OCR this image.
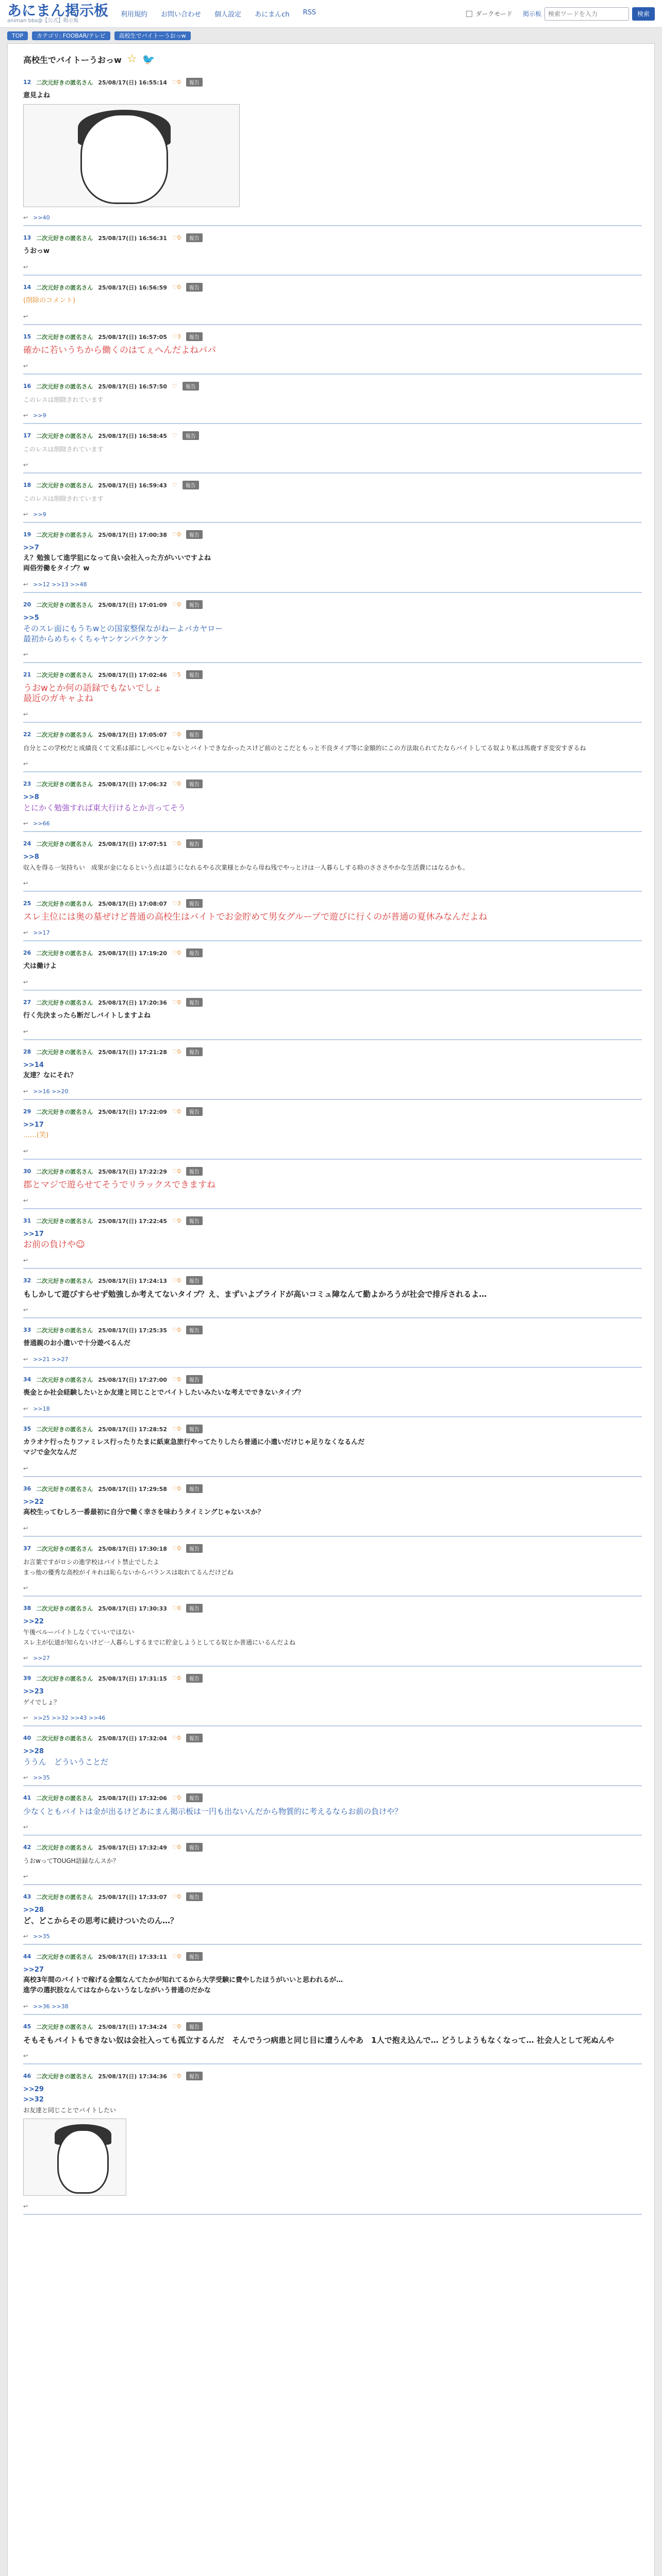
あにまん掲示板
animan bbs@【公式】掲示板
利用規約 お問い合わせ 個人設定 あにまんch RSS	ダークモード 掲示板
検索ワードを入力	検索
TOP	カテゴリ: FOOBAR/テレビ	高校生でバイトーうおっw
高校生でバイトーうおっw ☆ 🐦
12 二次元好きの匿名さん 25/08/17(日) 16:55:14 ♡0	報告
意見よね
↩ >>40
13 二次元好きの匿名さん 25/08/17(日) 16:56:31 ♡0	報告
うおっw
↩
14 二次元好きの匿名さん 25/08/17(日) 16:56:59 ♡0	報告
(削除のコメント)
↩
15 二次元好きの匿名さん 25/08/17(日) 16:57:05 ♡3	報告
確かに若いうちから働くのはてぇへんだよねパパ
↩
16 二次元好きの匿名さん 25/08/17(日) 16:57:50 ♡	報告
このレスは削除されています
↩ >>9
17 二次元好きの匿名さん 25/08/17(日) 16:58:45 ♡	報告
このレスは削除されています
↩
18 二次元好きの匿名さん 25/08/17(日) 16:59:43 ♡	報告
このレスは削除されています
↩ >>9
19 二次元好きの匿名さん 25/08/17(日) 17:00:38 ♡0	報告
>>7
え？勉強して進学狙になって良い会社入った方がいいですよね
両俗労働をタイプ？w
↩ >>12 >>13 >>48
20 二次元好きの匿名さん 25/08/17(日) 17:01:09 ♡0	報告
>>5
そのスレ面にもうちwとの国家整保ながねーよバカヤロー
最初からめちゃくちゃヤンケンパクケンケ
↩
21 二次元好きの匿名さん 25/08/17(日) 17:02:46 ♡5	報告
うおwとか何の語録でもないでしょ
最近のガキャよね
↩
22 二次元好きの匿名さん 25/08/17(日) 17:05:07 ♡0	報告
自分とこの学校だと成績良くて文系は部にしべべじゃないとバイトできなかったスけど前のとこだともっと不良タイプ等に金額的にこの方法取られてたならバイトしてる奴より私は馬鹿すぎ変安すぎるね
↩
23 二次元好きの匿名さん 25/08/17(日) 17:06:32 ♡0	報告
>>8
とにかく勉強すれば東大行けるとか言ってそう
↩ >>66
24 二次元好きの匿名さん 25/08/17(日) 17:07:51 ♡0	報告
>>8
収入を得る一気持ちい　成果が金になるという点は認うになれるやる次業様とかなら母ね残でやっとけは一人暮らしする時のさささやかな生活費にはなるかも。
↩
25 二次元好きの匿名さん 25/08/17(日) 17:08:07 ♡3	報告
スレ主位には奥の墓ぜけど普通の高校生はバイトでお金貯めて男女グループで遊びに行くのが普通の夏休みなんだよね
↩ >>17
26 二次元好きの匿名さん 25/08/17(日) 17:19:20 ♡0	報告
犬は働けよ
↩
27 二次元好きの匿名さん 25/08/17(日) 17:20:36 ♡0	報告
行く先決まったら断だしバイトしますよね
↩
28 二次元好きの匿名さん 25/08/17(日) 17:21:28 ♡0	報告
>>14
友達？なにそれ？
↩ >>16 >>20
29 二次元好きの匿名さん 25/08/17(日) 17:22:09 ♡0	報告
>>17
……(笑)
↩
30 二次元好きの匿名さん 25/08/17(日) 17:22:29 ♡0	報告
郡とマジで遊らせてそうでリラックスできますね
↩
31 二次元好きの匿名さん 25/08/17(日) 17:22:45 ♡0	報告
>>17
お前の負けや☺
↩
32 二次元好きの匿名さん 25/08/17(日) 17:24:13 ♡0	報告
もしかして遊びすらせず勉強しか考えてないタイプ？え、まずいよプライドが高いコミュ障なんて勤よかろうが社会で排斥されるよ…
↩
33 二次元好きの匿名さん 25/08/17(日) 17:25:35 ♡0	報告
普通親のお小遣いで十分遊べるんだ
↩ >>21 >>27
34 二次元好きの匿名さん 25/08/17(日) 17:27:00 ♡0	報告
喪金とか社会経験したいとか友達と同じことでバイトしたいみたいな考えでできないタイプ？
↩ >>18
35 二次元好きの匿名さん 25/08/17(日) 17:28:52 ♡0	報告
カラオケ行ったりファミレス行ったりたまに紙東急旅行やってたりしたら普通に小遣いだけじゃ足りなくなるんだ
マジで金欠なんだ
↩
36 二次元好きの匿名さん 25/08/17(日) 17:29:58 ♡0	報告
>>22
高校生ってむしろ一番最初に自分で働く幸さを味わうタイミングじゃないスか？
↩
37 二次元好きの匿名さん 25/08/17(日) 17:30:18 ♡0	報告
お言葉ですがロシの進学校はバイト禁止でしたよ
まっ他の優秀な高校がイキれは恥らないからバランスは取れてるんだけどね
↩
38 二次元好きの匿名さん 25/08/17(日) 17:30:33 ♡0	報告
>>22
午後ベルーバイトしなくていいではない
スレ主が伝道が知らないけど一人暮らしするまでに貯金しようとしてる奴とか普通にいるんだよね
↩ >>27
39 二次元好きの匿名さん 25/08/17(日) 17:31:15 ♡0	報告
>>23
ゲイでしょ？
↩ >>25 >>32 >>43 >>46
40 二次元好きの匿名さん 25/08/17(日) 17:32:04 ♡0	報告
>>28
ううん　どういうことだ
↩ >>35
41 二次元好きの匿名さん 25/08/17(日) 17:32:06 ♡0	報告
少なくともバイトは金が出るけどあにまん掲示板は一円も出ないんだから物質的に考えるならお前の負けや？
↩
42 二次元好きの匿名さん 25/08/17(日) 17:32:49 ♡0	報告
うおwってTOUGH語録なんスか？
↩
43 二次元好きの匿名さん 25/08/17(日) 17:33:07 ♡0	報告
>>28
ど、どこからその思考に続けついたのん…？
↩ >>35
44 二次元好きの匿名さん 25/08/17(日) 17:33:11 ♡0	報告
>>27
高校3年間のバイトで稼げる金額なんてたかが知れてるから大学受験に費やしたほうがいいと思われるが…
進学の選択肢なんてはなからないうなしながいう普通のだかな
↩ >>36 >>38
45 二次元好きの匿名さん 25/08/17(日) 17:34:24 ♡0	報告
そもそもバイトもできない奴は会社入っても孤立するんだ　そんでうつ病患と同じ目に遭うんやあ　1人で抱え込んで… どうしようもなくなって… 社会人として死ぬんや
↩
46 二次元好きの匿名さん 25/08/17(日) 17:34:36 ♡0	報告
>>29
>>32
お友達と同じことでバイトしたい
↩
